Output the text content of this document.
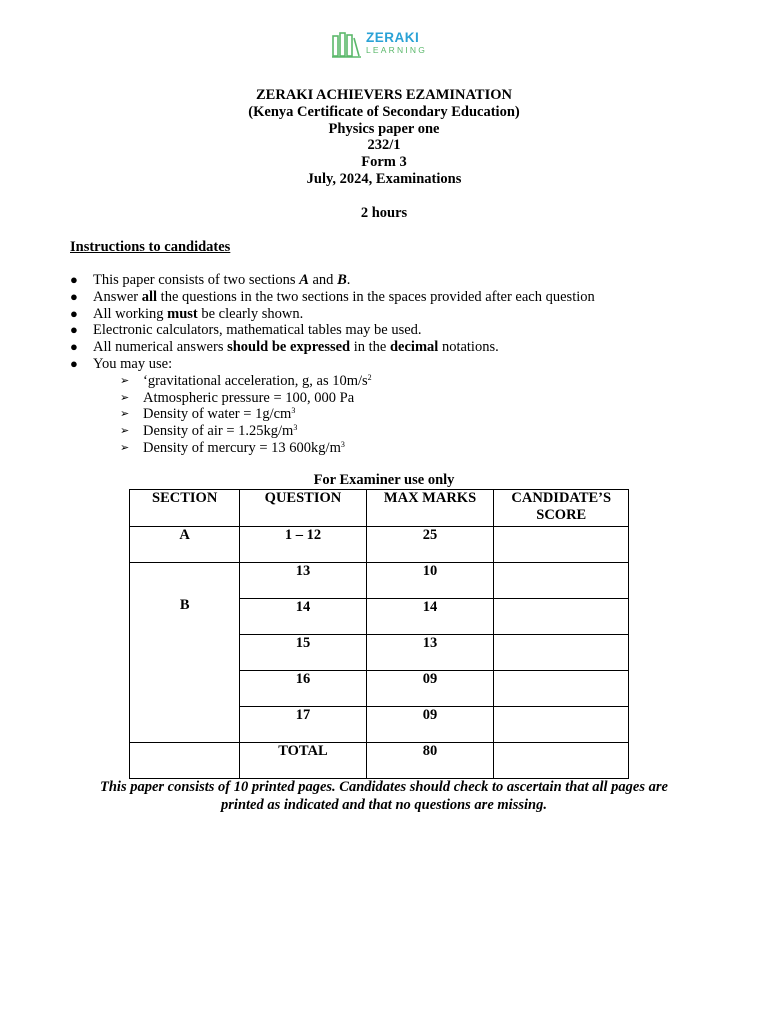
ZERAKI
LEARNING
ZERAKI ACHIEVERS EZAMINATION
(Kenya Certificate of Secondary Education)
Physics paper one
232/1
Form 3
July, 2024, Examinations
2 hours
Instructions to candidates
● This paper consists of two sections A and B.
● Answer all the questions in the two sections in the spaces provided after each question
● All working must be clearly shown.
● Electronic calculators, mathematical tables may be used.
● All numerical answers should be expressed in the decimal notations.
● You may use:
➢ ‘gravitational acceleration, g, as $10m/s^2$
➢ Atmospheric pressure = 100, 000 Pa
➢ Density of water = $1g/cm^3$
➢ Density of air = $1.25kg/m^3$
➢ Density of mercury = 13 $600kg/m^3$
For Examiner use only
SECTION	QUESTION	MAX MARKS	CANDIDATE’S SCORE
A	1 – 12	25	

B	13	10	
	14	14	
	15	13	
	16	09	
	17	09	
	TOTAL	80	
This paper consists of 10 printed pages. Candidates should check to ascertain that all pages are
printed as indicated and that no questions are missing.
